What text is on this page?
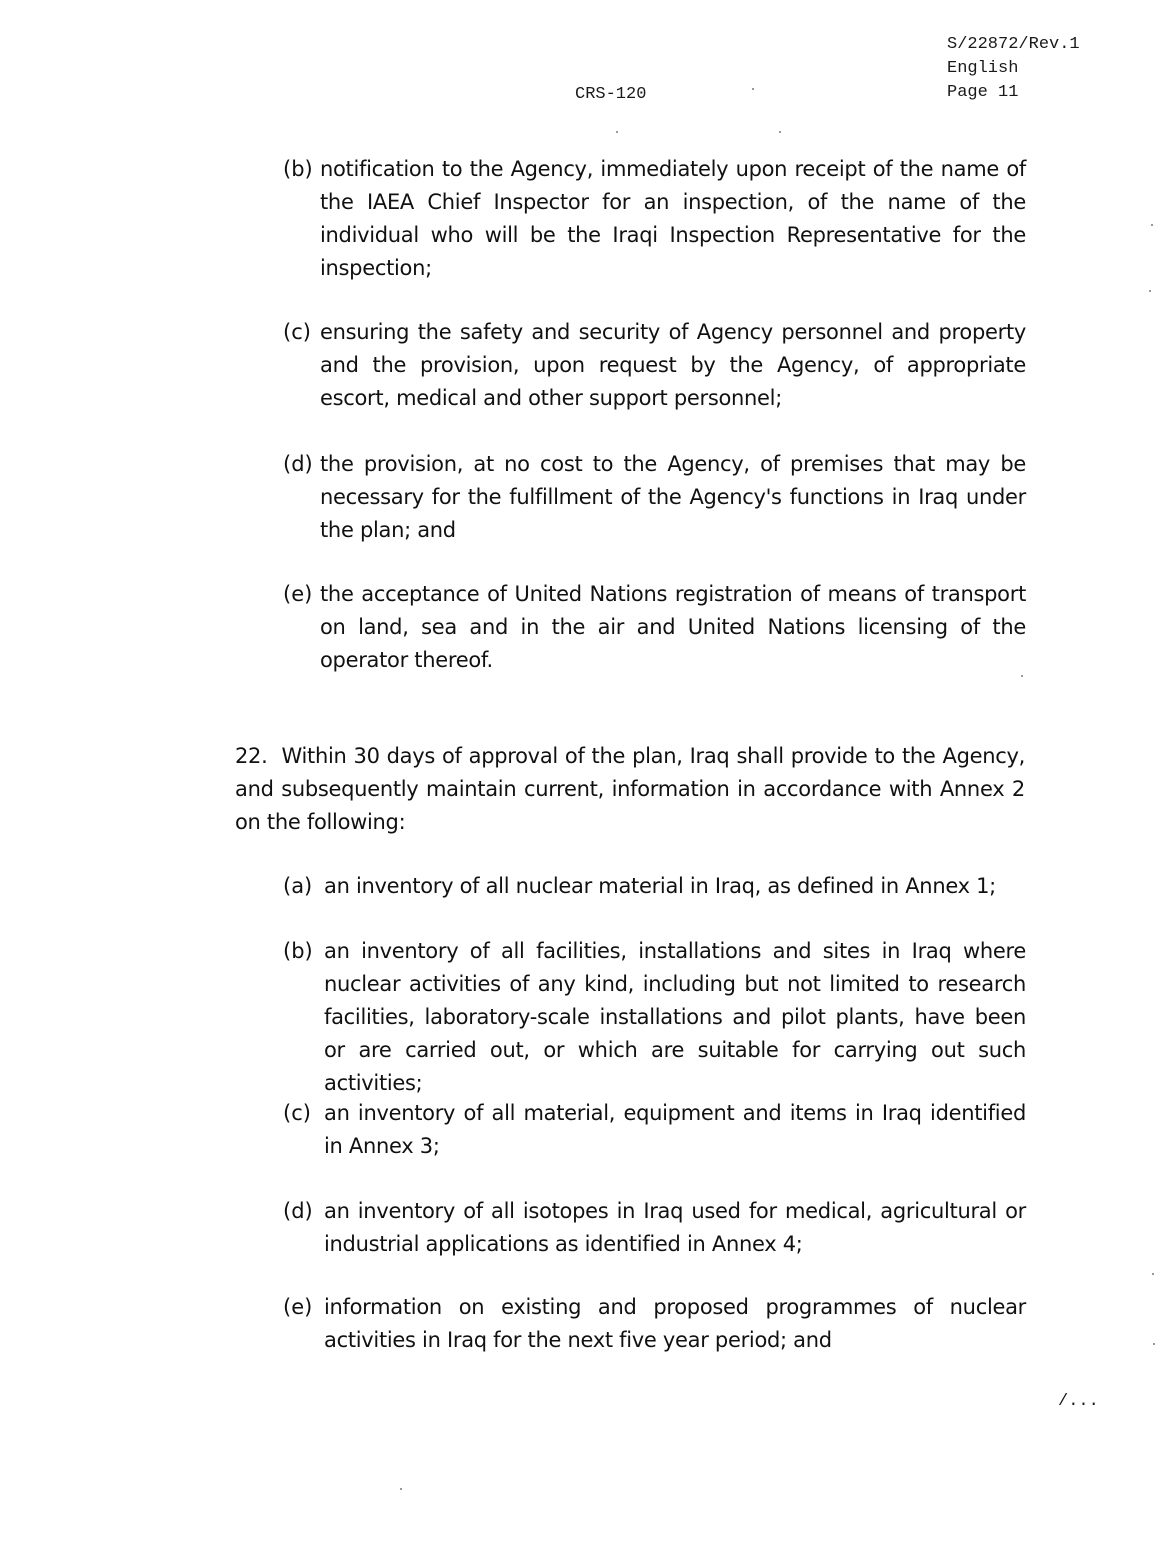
S/22872/Rev.1
English
Page 11
CRS-120
(b) notification to the Agency, immediately upon receipt of the name of the IAEA Chief Inspector for an inspection, of the name of the individual who will be the Iraqi Inspection Representative for the inspection;
(c) ensuring the safety and security of Agency personnel and property and the provision, upon request by the Agency, of appropriate escort, medical and other support personnel;
(d) the provision, at no cost to the Agency, of premises that may be necessary for the fulfillment of the Agency's functions in Iraq under the plan; and
(e) the acceptance of United Nations registration of means of transport on land, sea and in the air and United Nations licensing of the operator thereof.
22. Within 30 days of approval of the plan, Iraq shall provide to the Agency, and subsequently maintain current, information in accordance with Annex 2 on the following:
(a) an inventory of all nuclear material in Iraq, as defined in Annex 1;
(b) an inventory of all facilities, installations and sites in Iraq where nuclear activities of any kind, including but not limited to research facilities, laboratory-scale installations and pilot plants, have been or are carried out, or which are suitable for carrying out such activities;
(c) an inventory of all material, equipment and items in Iraq identified in Annex 3;
(d) an inventory of all isotopes in Iraq used for medical, agricultural or industrial applications as identified in Annex 4;
(e) information on existing and proposed programmes of nuclear activities in Iraq for the next five year period; and
/...
